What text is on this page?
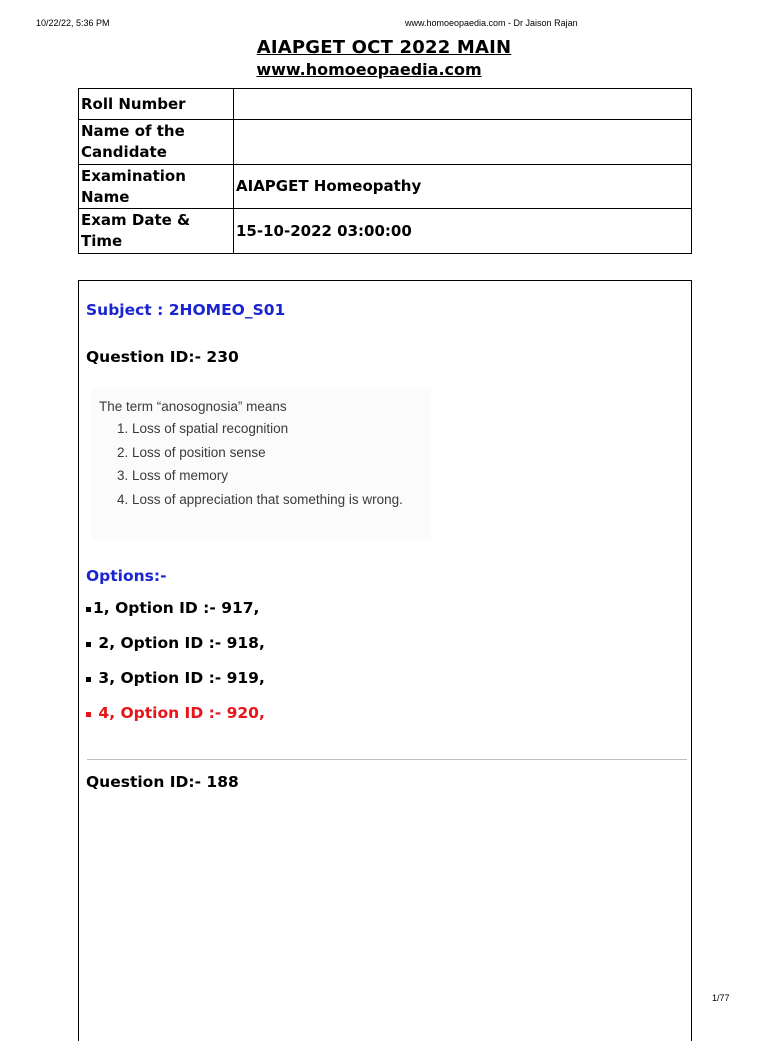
10/22/22, 5:36 PM	www.homoeopaedia.com - Dr Jaison Rajan
AIAPGET OCT 2022 MAIN
www.homoeopaedia.com
Roll Number	
Name of the Candidate	
Examination Name	AIAPGET Homeopathy
Exam Date & Time	15-10-2022 03:00:00
Subject : 2HOMEO_S01
Question ID:- 230
The term “anosognosia” means
1. Loss of spatial recognition
2. Loss of position sense
3. Loss of memory
4. Loss of appreciation that something is wrong.
Options:-
1, Option ID :- 917,
2, Option ID :- 918,
3, Option ID :- 919,
4, Option ID :- 920,
Question ID:- 188
1/77
